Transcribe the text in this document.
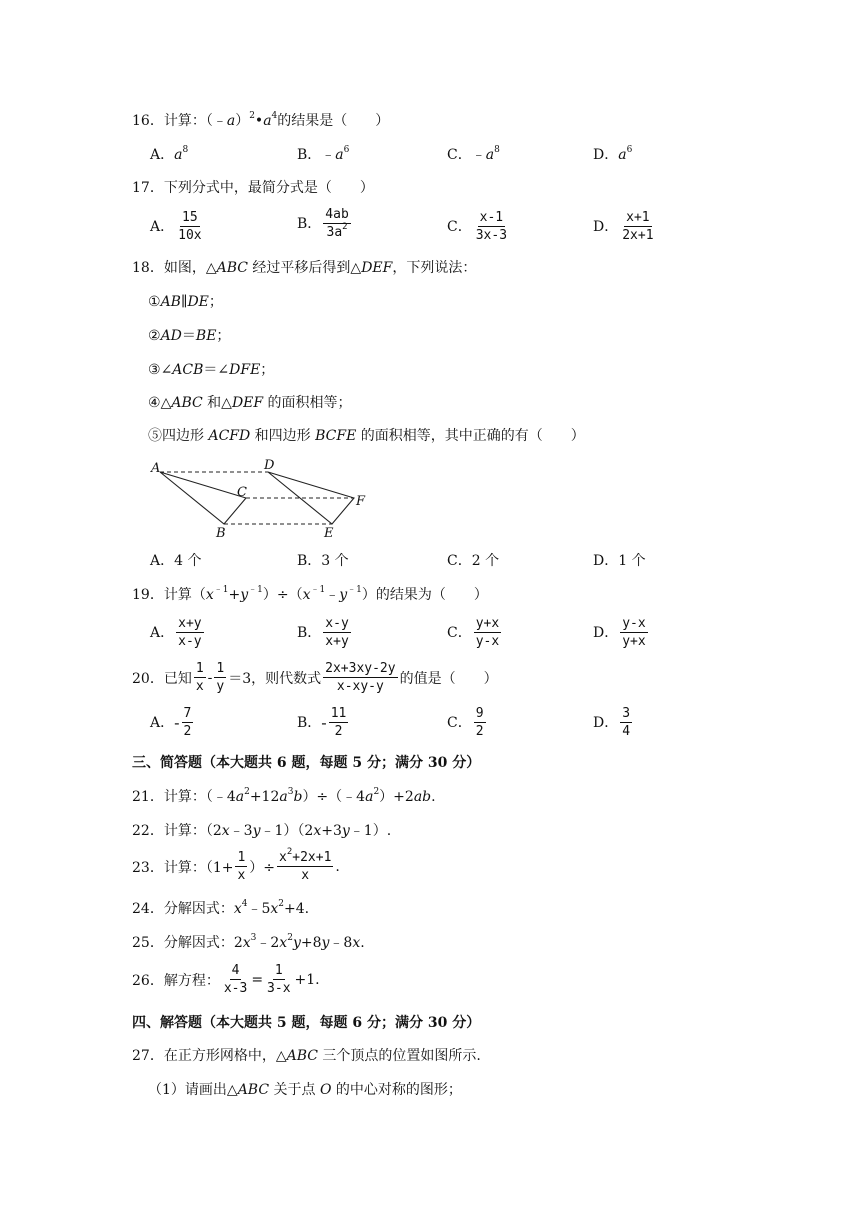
16．计算：$(﹣a)^2•a^4$的结果是（　　）
A．$a^8$	B．$﹣a^6$	C．$﹣a^8$	D．$a^6$
17．下列分式中，最简分式是（　　）
A． $\frac{15}{10x}$	B． $\frac{4ab}{3a^2}$	C． $\frac{x-1}{3x-3}$	D． $\frac{x+1}{2x+1}$
18．如图，△ABC 经过平移后得到△DEF，下列说法：
①AB∥DE；
②AD＝BE；
③∠ACB＝∠DFE；
④△ABC 和△DEF 的面积相等；
⑤四边形 ACFD 和四边形 BCFE 的面积相等，其中正确的有（　　）
A
B
C
D
E
F
A．4 个	B．3 个	C．2 个	D．1 个
19．计算$(x^{﹣1}+y^{﹣1})\div(x^{﹣1}﹣y^{﹣1})$的结果为（　　）
A． $\frac{x+y}{x-y}$	B． $\frac{x-y}{x+y}$	C． $\frac{y+x}{y-x}$	D． $\frac{y-x}{y+x}$
20．已知 $\frac{1}{x} - \frac{1}{y} =3$，则代数式 $\frac{2x+3xy-2y}{x-xy-y}$ 的值是（　　）
A． - $\frac{7}{2}$	B． - $\frac{11}{2}$	C． $\frac{9}{2}$	D． $\frac{3}{4}$
三、简答题（本大题共 6 题，每题 5 分；满分 30 分）
21．计算：$(﹣4a^2+12a^3b)\div(﹣4a^2)+2ab$.
22．计算：（2x﹣3y﹣1）（2x+3y﹣1）.
23．计算：（$1+ \frac{1}{x}$ ）÷ $\frac{x^2+2x+1}{x}$ .
24．分解因式：$x^4﹣5x^2+4$.
25．分解因式：$2x^3﹣2x^2y+8y﹣8x$.
26．解方程： $\frac{4}{x-3} = \frac{1}{3-x} +1$.
四、解答题（本大题共 5 题，每题 6 分；满分 30 分）
27．在正方形网格中，△ABC 三个顶点的位置如图所示.
（1）请画出△ABC 关于点 O 的中心对称的图形；
